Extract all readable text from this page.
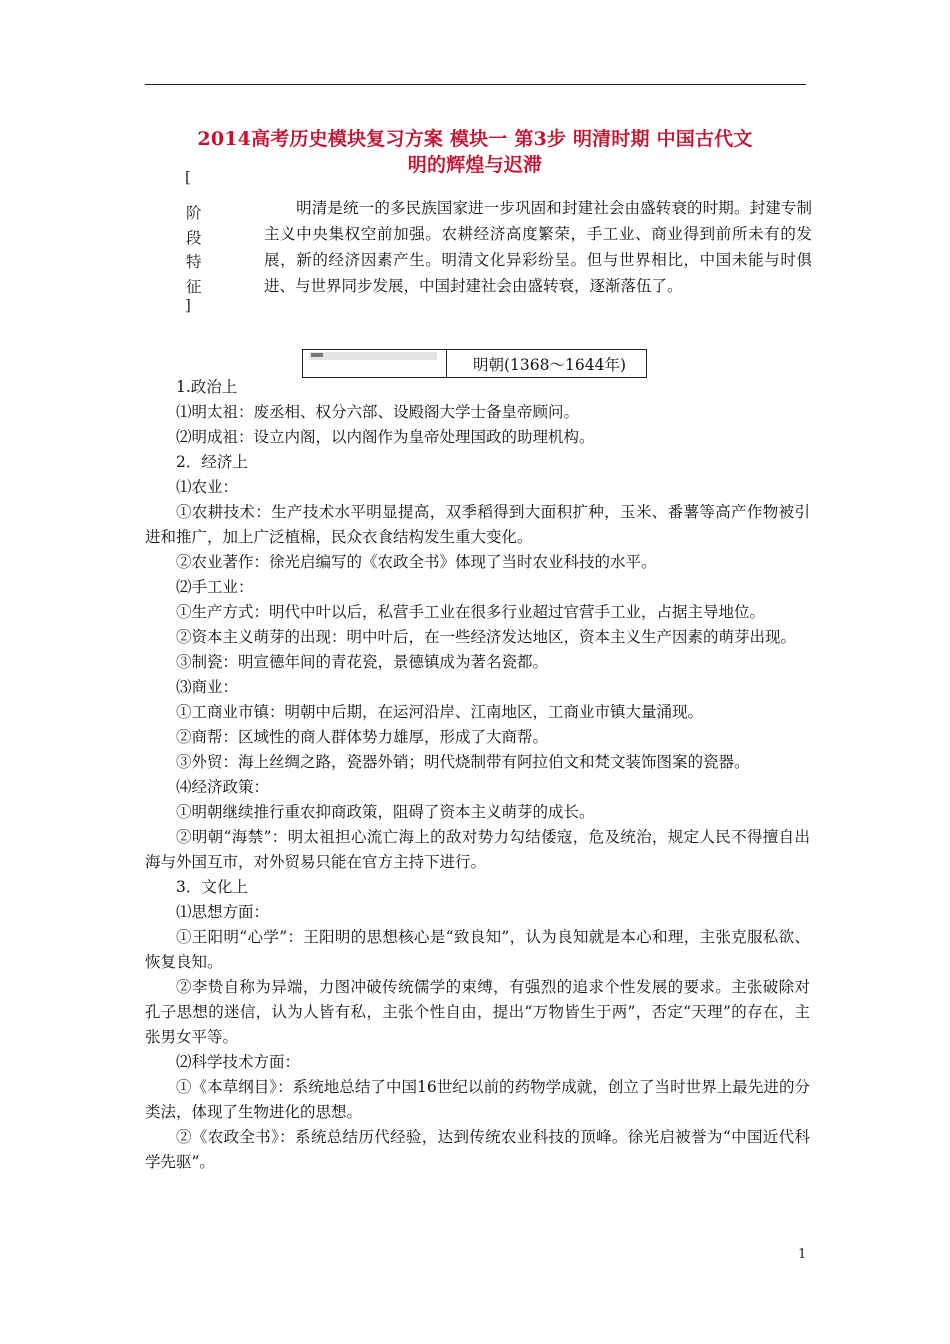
2014高考历史模块复习方案 模块一 第3步 明清时期 中国古代文
明的辉煌与迟滞
[
阶
段
特
征
]
明清是统一的多民族国家进一步巩固和封建社会由盛转衰的时期。封建专制主义中央集权空前加强。农耕经济高度繁荣，手工业、商业得到前所未有的发展，新的经济因素产生。明清文化异彩纷呈。但与世界相比，中国未能与时俱进、与世界同步发展，中国封建社会由盛转衰，逐渐落伍了。
明朝(1368～1644年)

1.政治上

⑴明太祖：废丞相、权分六部、设殿阁大学士备皇帝顾问。

⑵明成祖：设立内阁，以内阁作为皇帝处理国政的助理机构。

2．经济上

⑴农业：

①农耕技术：生产技术水平明显提高，双季稻得到大面积扩种，玉米、番薯等高产作物被引进和推广，加上广泛植棉，民众衣食结构发生重大变化。

②农业著作：徐光启编写的《农政全书》体现了当时农业科技的水平。

⑵手工业：

①生产方式：明代中叶以后，私营手工业在很多行业超过官营手工业，占据主导地位。

②资本主义萌芽的出现：明中叶后，在一些经济发达地区，资本主义生产因素的萌芽出现。

③制瓷：明宣德年间的青花瓷，景德镇成为著名瓷都。

⑶商业：

①工商业市镇：明朝中后期，在运河沿岸、江南地区，工商业市镇大量涌现。

②商帮：区域性的商人群体势力雄厚，形成了大商帮。

③外贸：海上丝绸之路，瓷器外销；明代烧制带有阿拉伯文和梵文装饰图案的瓷器。

⑷经济政策：

①明朝继续推行重农抑商政策，阻碍了资本主义萌芽的成长。

②明朝“海禁”：明太祖担心流亡海上的敌对势力勾结倭寇，危及统治，规定人民不得擅自出海与外国互市，对外贸易只能在官方主持下进行。

3．文化上

⑴思想方面：

①王阳明“心学”：王阳明的思想核心是“致良知”，认为良知就是本心和理，主张克服私欲、恢复良知。

②李贽自称为异端，力图冲破传统儒学的束缚，有强烈的追求个性发展的要求。主张破除对孔子思想的迷信，认为人皆有私，主张个性自由，提出“万物皆生于两”，否定“天理”的存在，主张男女平等。

⑵科学技术方面：

①《本草纲目》：系统地总结了中国16世纪以前的药物学成就，创立了当时世界上最先进的分类法，体现了生物进化的思想。

②《农政全书》：系统总结历代经验，达到传统农业科技的顶峰。徐光启被誉为“中国近代科学先驱”。

1
